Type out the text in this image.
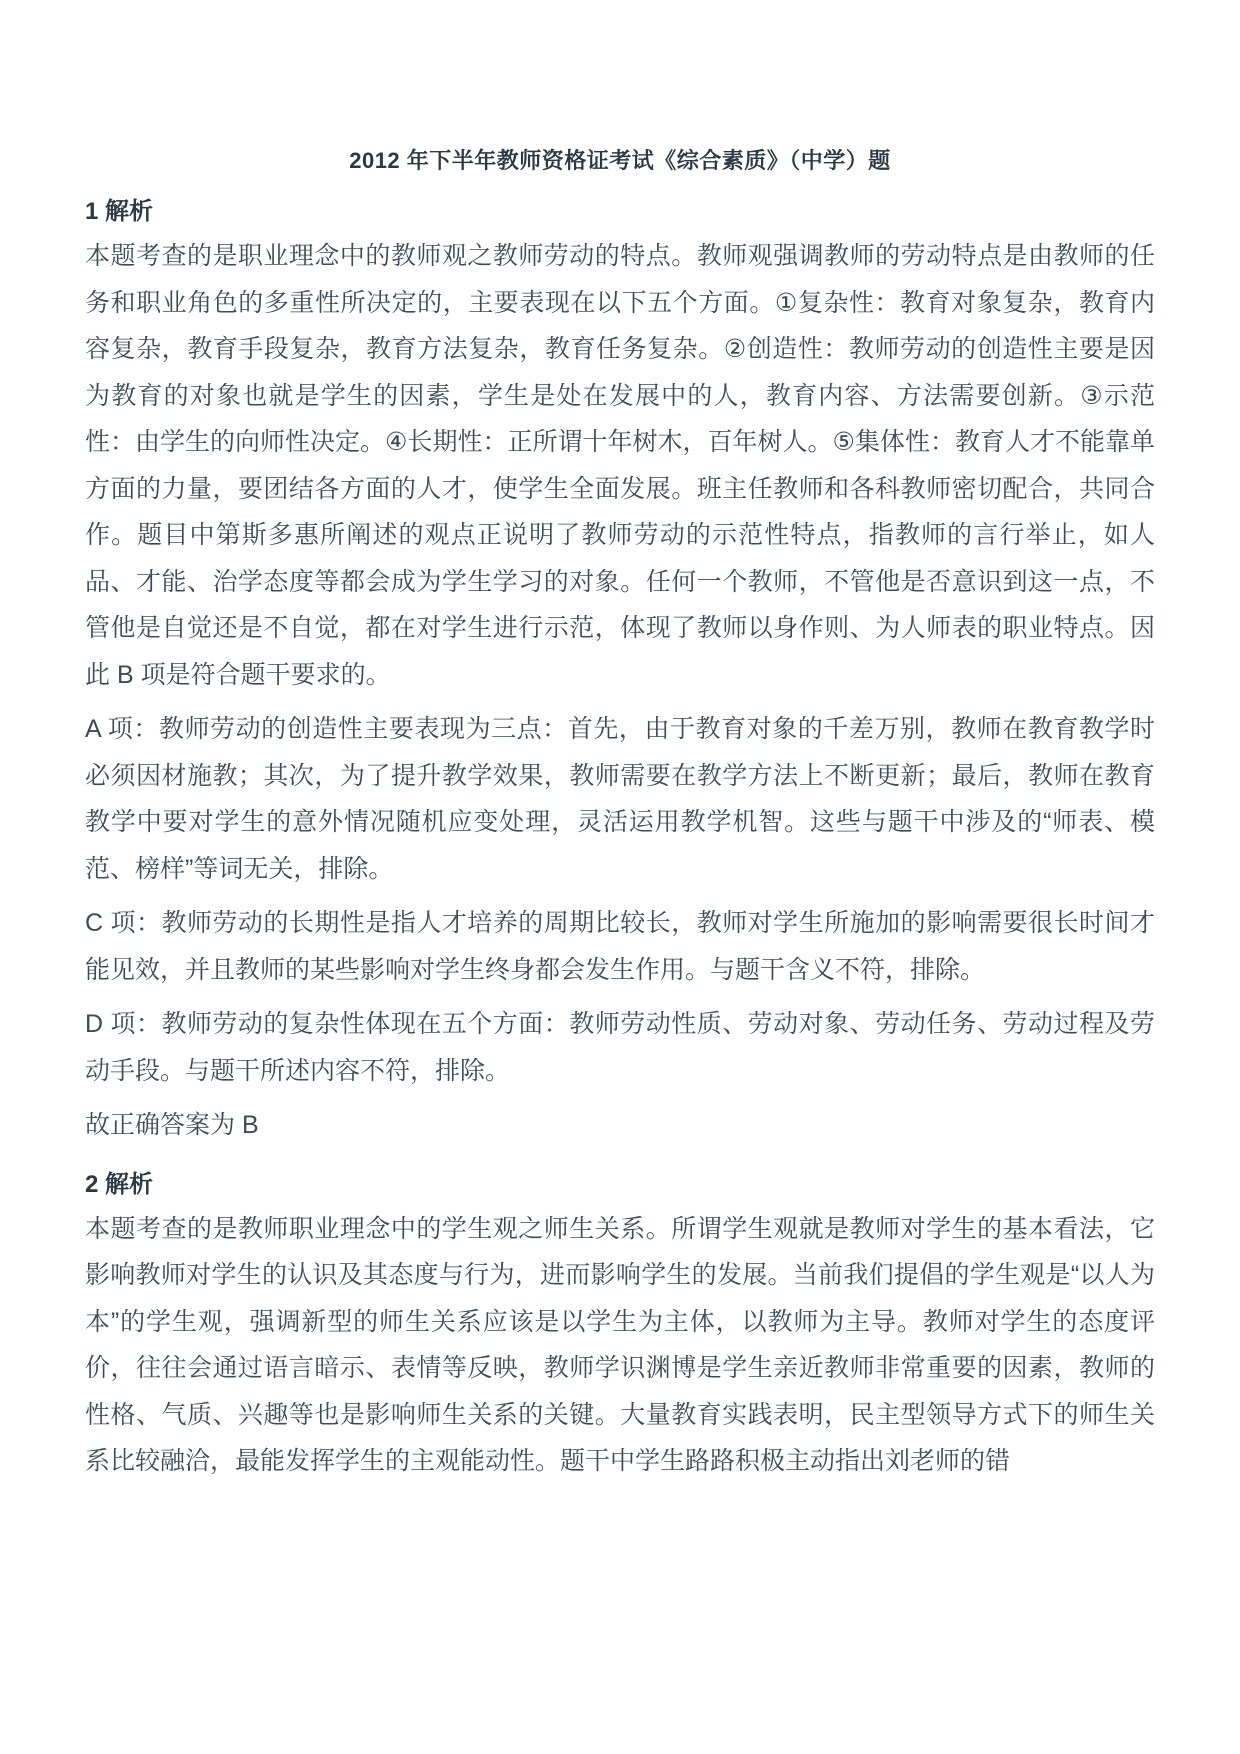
2012 年下半年教师资格证考试《综合素质》（中学）题
1 解析

本题考查的是职业理念中的教师观之教师劳动的特点。教师观强调教师的劳动特点是由教师的任务和职业角色的多重性所决定的，主要表现在以下五个方面。①复杂性：教育对象复杂，教育内容复杂，教育手段复杂，教育方法复杂，教育任务复杂。②创造性：教师劳动的创造性主要是因为教育的对象也就是学生的因素，学生是处在发展中的人，教育内容、方法需要创新。③示范性：由学生的向师性决定。④长期性：正所谓十年树木，百年树人。⑤集体性：教育人才不能靠单方面的力量，要团结各方面的人才，使学生全面发展。班主任教师和各科教师密切配合，共同合作。题目中第斯多惠所阐述的观点正说明了教师劳动的示范性特点，指教师的言行举止，如人品、才能、治学态度等都会成为学生学习的对象。任何一个教师，不管他是否意识到这一点，不管他是自觉还是不自觉，都在对学生进行示范，体现了教师以身作则、为人师表的职业特点。因此 B 项是符合题干要求的。

A 项：教师劳动的创造性主要表现为三点：首先，由于教育对象的千差万别，教师在教育教学时必须因材施教；其次，为了提升教学效果，教师需要在教学方法上不断更新；最后，教师在教育教学中要对学生的意外情况随机应变处理，灵活运用教学机智。这些与题干中涉及的“师表、模范、榜样”等词无关，排除。

C 项：教师劳动的长期性是指人才培养的周期比较长，教师对学生所施加的影响需要很长时间才能见效，并且教师的某些影响对学生终身都会发生作用。与题干含义不符，排除。

D 项：教师劳动的复杂性体现在五个方面：教师劳动性质、劳动对象、劳动任务、劳动过程及劳动手段。与题干所述内容不符，排除。

故正确答案为 B

2 解析

本题考查的是教师职业理念中的学生观之师生关系。所谓学生观就是教师对学生的基本看法，它影响教师对学生的认识及其态度与行为，进而影响学生的发展。当前我们提倡的学生观是“以人为本”的学生观，强调新型的师生关系应该是以学生为主体，以教师为主导。教师对学生的态度评价，往往会通过语言暗示、表情等反映，教师学识渊博是学生亲近教师非常重要的因素，教师的性格、气质、兴趣等也是影响师生关系的关键。大量教育实践表明，民主型领导方式下的师生关系比较融洽，最能发挥学生的主观能动性。题干中学生路路积极主动指出刘老师的错
